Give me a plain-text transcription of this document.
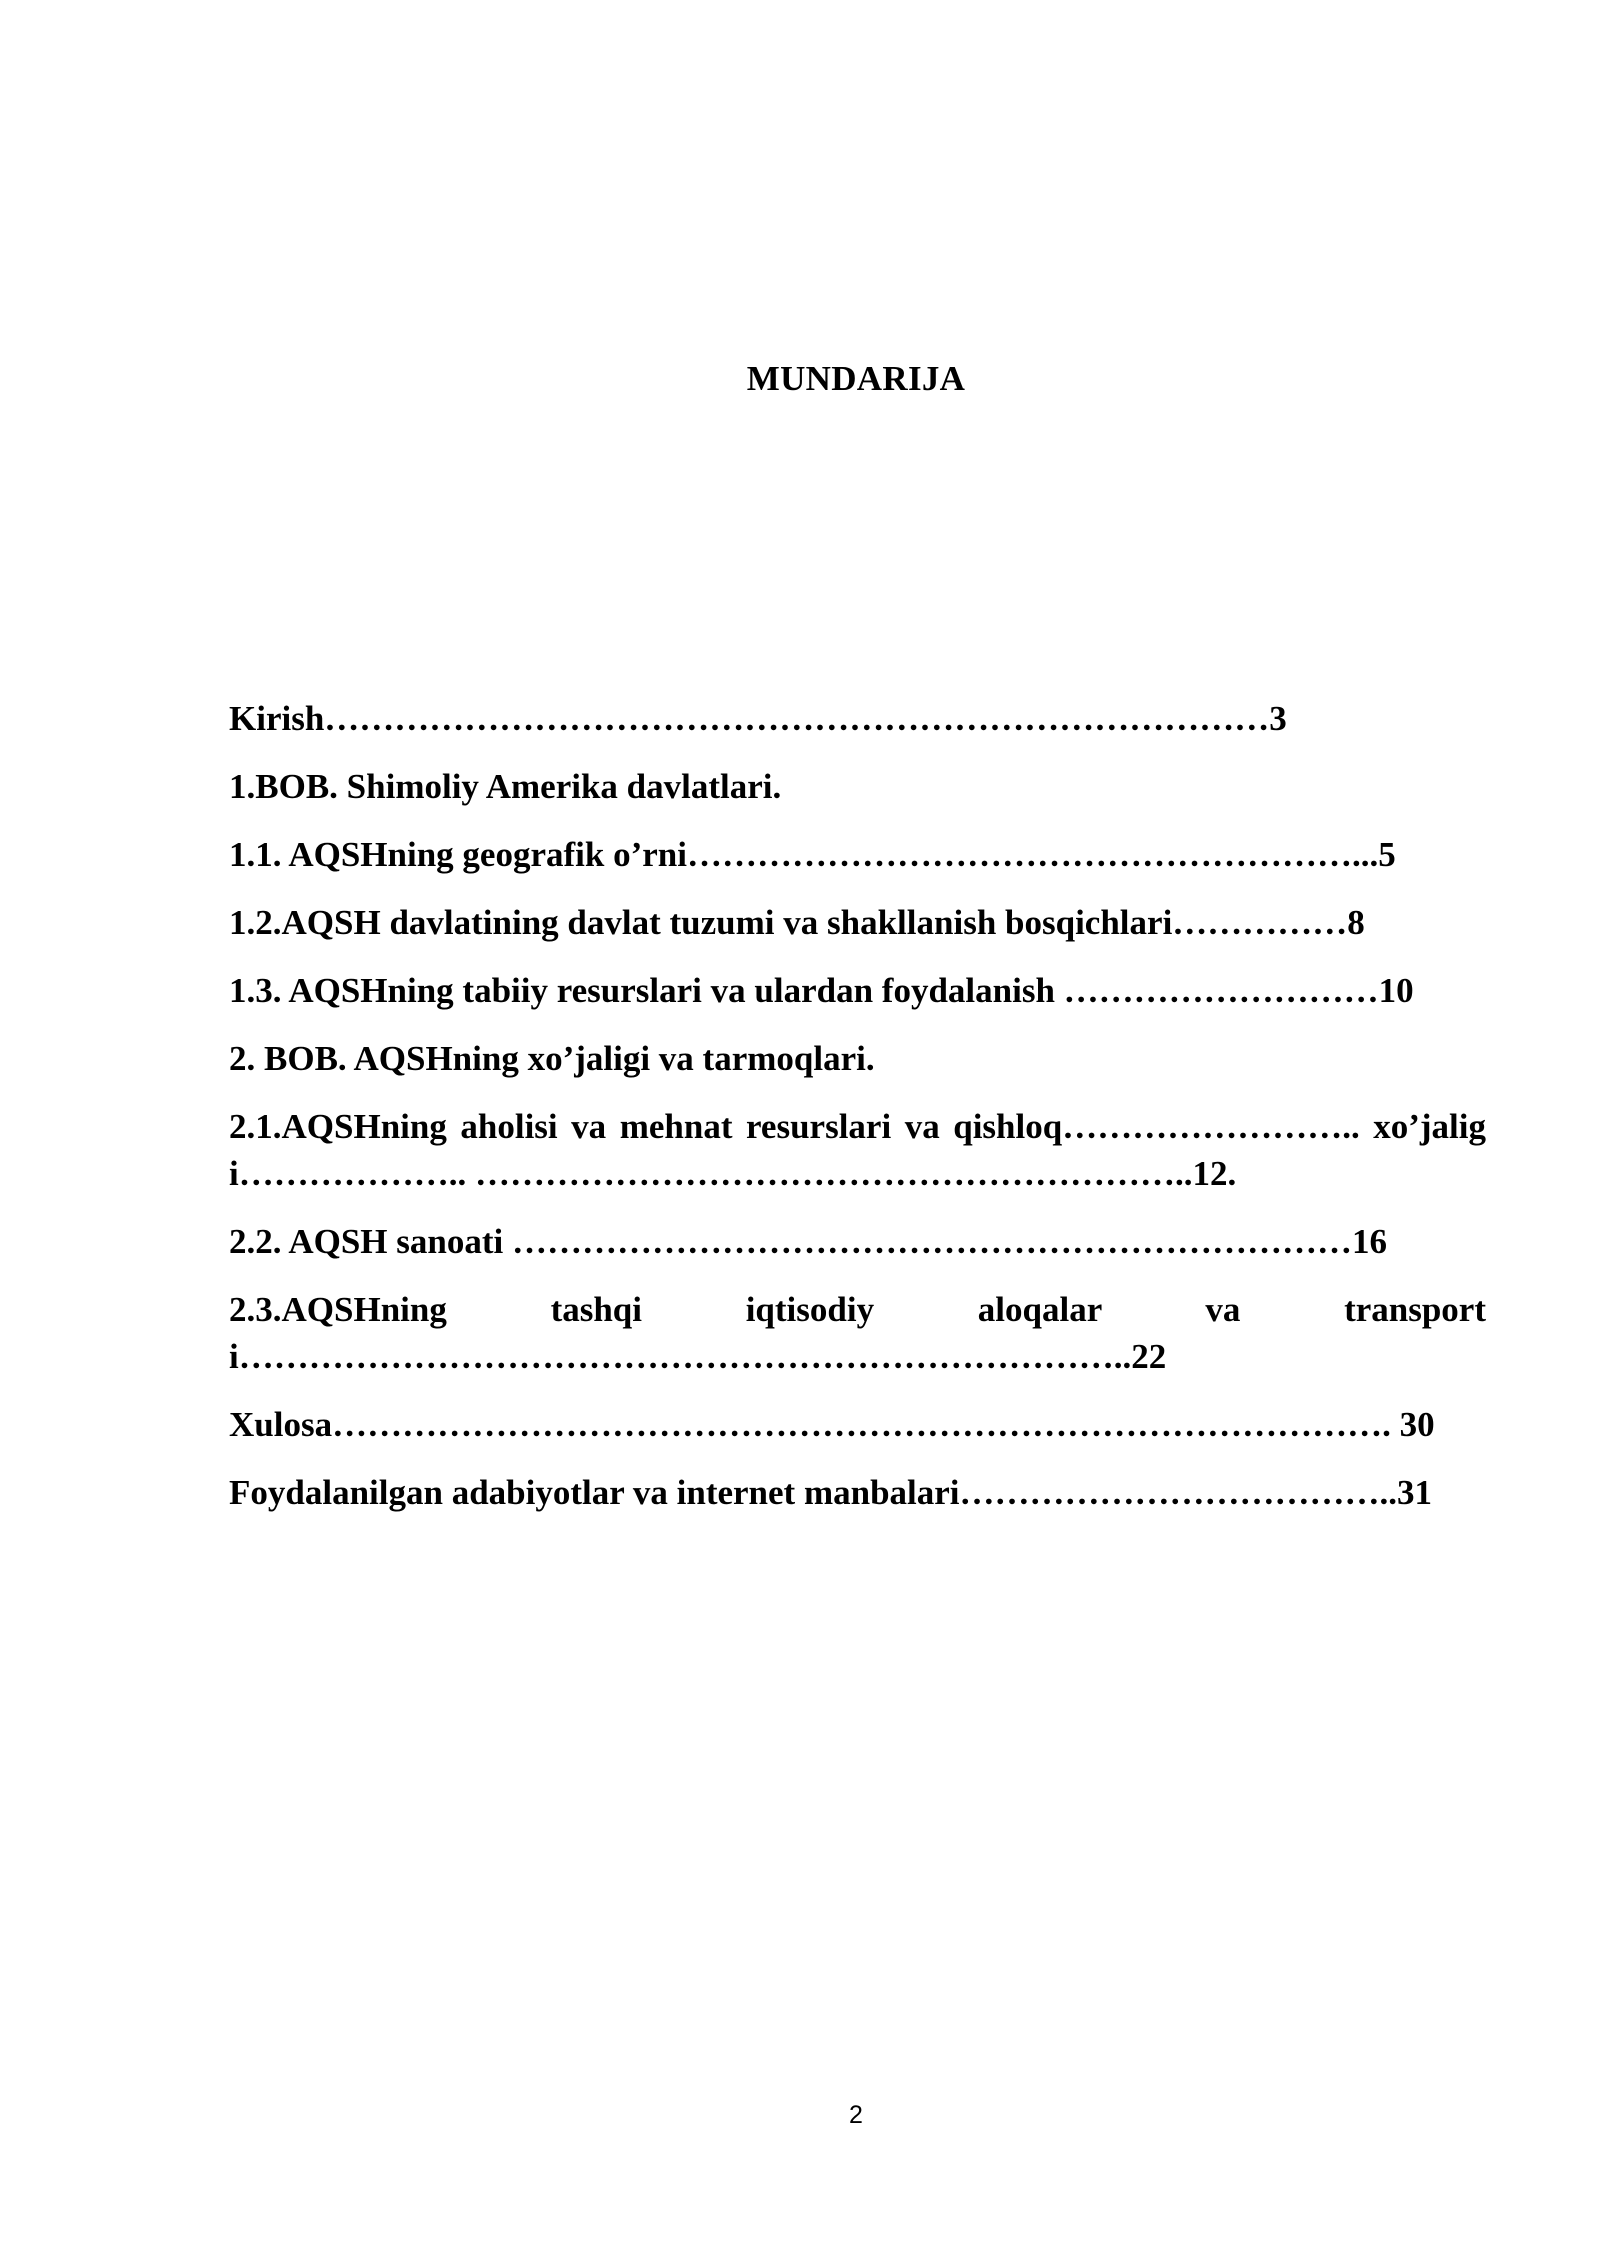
MUNDARIJA

Kirish………………………………………………………………………3

1.BOB. Shimoliy Amerika davlatlari.

1.1. AQSHning geografik o’rni…………………………………………………...5

1.2.AQSH davlatining davlat tuzumi va shakllanish bosqichlari……………8

1.3. AQSHning tabiiy resurslari va ulardan foydalanish ………………………10

2. BOB. AQSHning xo’jaligi va tarmoqlari.

2.1.AQSHning aholisi va mehnat resurslari va qishloq…………………….. xo’jaligi……………….. ……………………………………………………..12.

2.2. AQSH sanoati ………………………………………………………………16

2.3.AQSHning tashqi iqtisodiy aloqalar va transporti…………………………………………………………………..22

Xulosa………………………………………………………………………………. 30

Foydalanilgan adabiyotlar va internet manbalari………………………………..31

2
